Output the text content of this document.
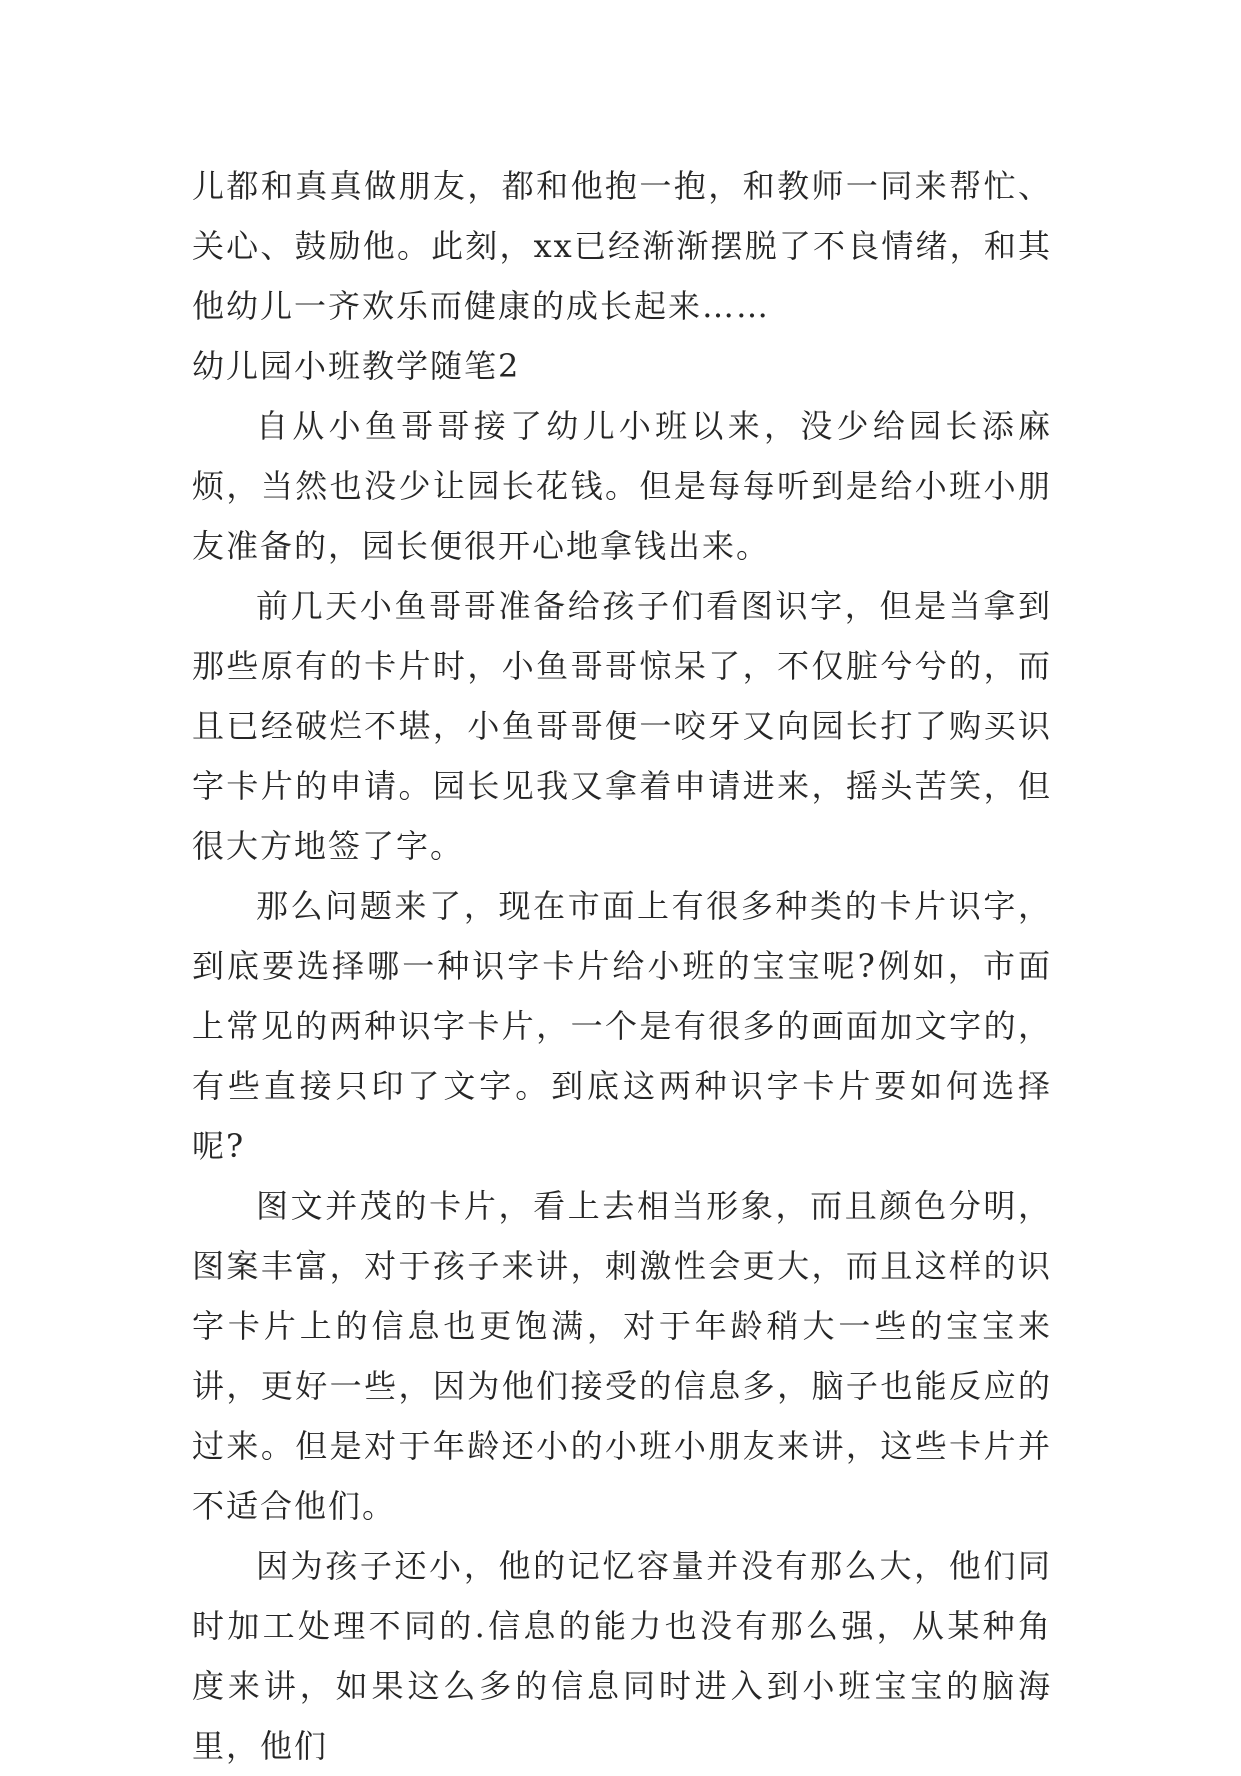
儿都和真真做朋友，都和他抱一抱，和教师一同来帮忙、关心、鼓励他。此刻，xx已经渐渐摆脱了不良情绪，和其他幼儿一齐欢乐而健康的成长起来……

幼儿园小班教学随笔2

自从小鱼哥哥接了幼儿小班以来，没少给园长添麻烦，当然也没少让园长花钱。但是每每听到是给小班小朋友准备的，园长便很开心地拿钱出来。

前几天小鱼哥哥准备给孩子们看图识字，但是当拿到那些原有的卡片时，小鱼哥哥惊呆了，不仅脏兮兮的，而且已经破烂不堪，小鱼哥哥便一咬牙又向园长打了购买识字卡片的申请。园长见我又拿着申请进来，摇头苦笑，但很大方地签了字。

那么问题来了，现在市面上有很多种类的卡片识字，到底要选择哪一种识字卡片给小班的宝宝呢?例如，市面上常见的两种识字卡片，一个是有很多的画面加文字的，有些直接只印了文字。到底这两种识字卡片要如何选择呢?

图文并茂的卡片，看上去相当形象，而且颜色分明，图案丰富，对于孩子来讲，刺激性会更大，而且这样的识字卡片上的信息也更饱满，对于年龄稍大一些的宝宝来讲，更好一些，因为他们接受的信息多，脑子也能反应的过来。但是对于年龄还小的小班小朋友来讲，这些卡片并不适合他们。

因为孩子还小，他的记忆容量并没有那么大，他们同时加工处理不同的.信息的能力也没有那么强，从某种角度来讲，如果这么多的信息同时进入到小班宝宝的脑海里，他们
